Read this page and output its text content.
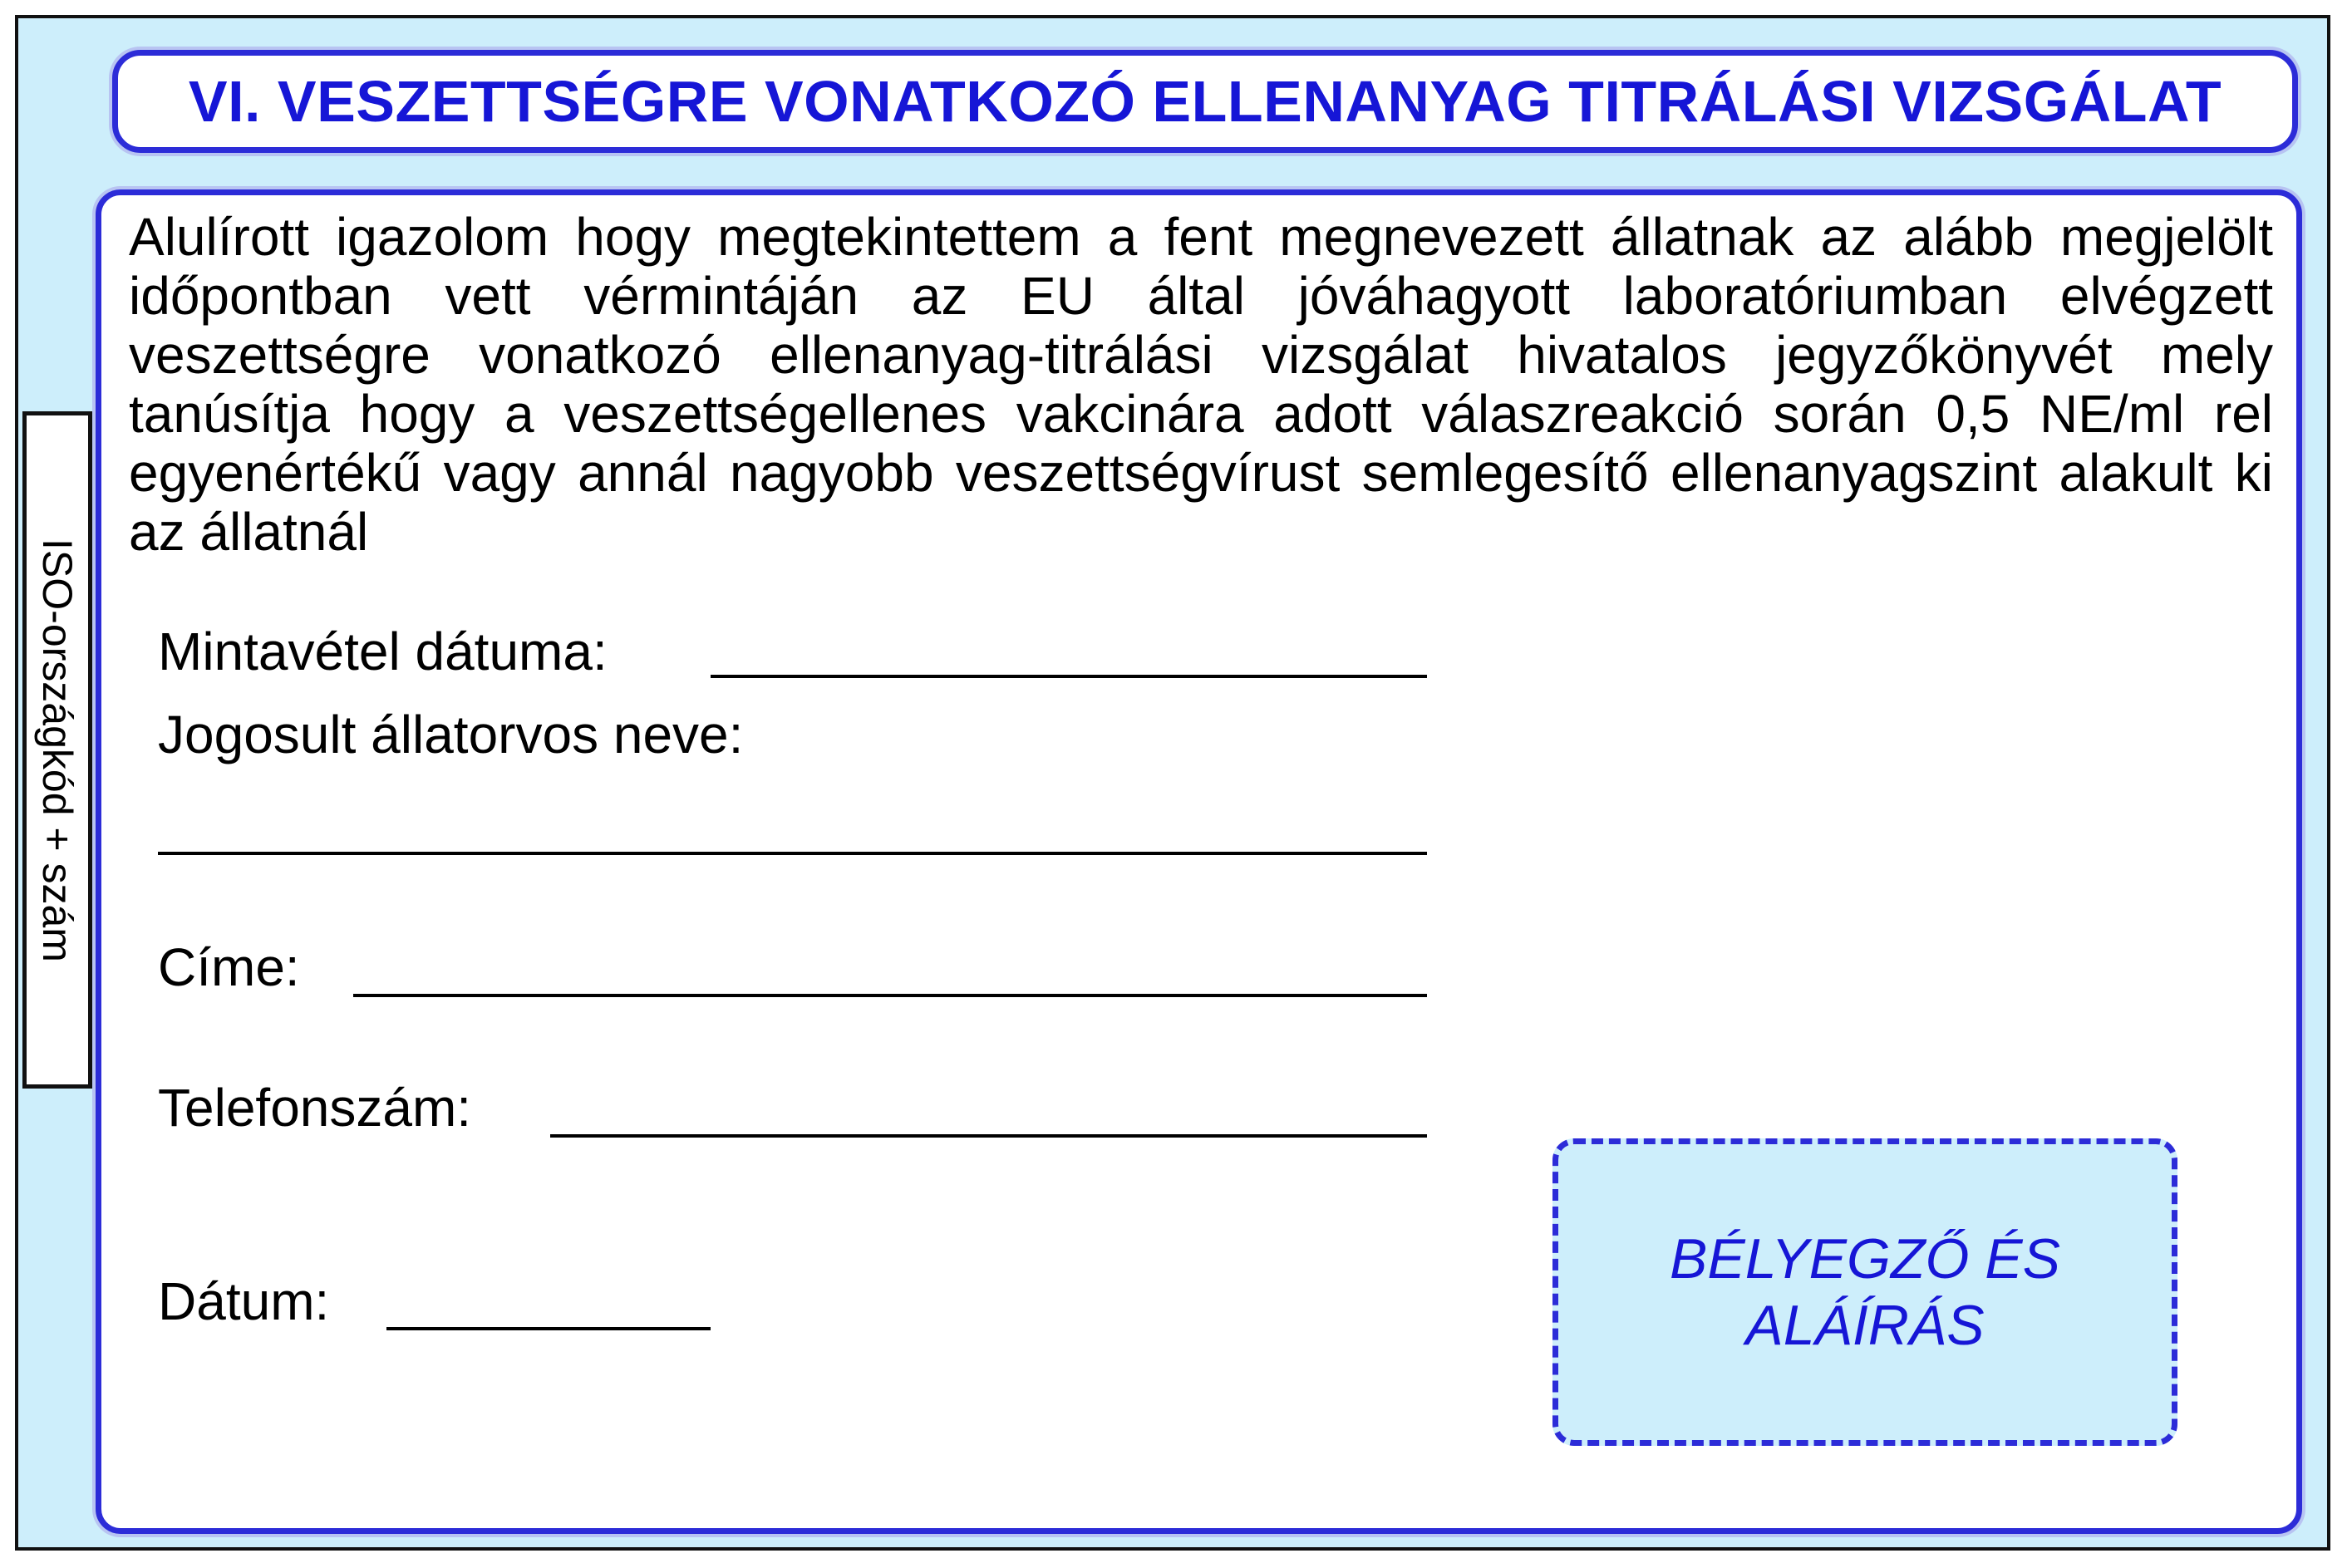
VI. VESZETTSÉGRE VONATKOZÓ ELLENANYAG TITRÁLÁSI VIZSGÁLAT
ISO-országkód + szám

Alulírott igazolom hogy megtekintettem a fent megnevezett állatnak az alább megjelölt időpontban vett vérmintáján az EU által jóváhagyott laboratóriumban elvégzett veszettségre vonatkozó ellenanyag-titrálási vizsgálat hivatalos jegyzőkönyvét mely tanúsítja hogy a veszettségellenes vakcinára adott válaszreakció során 0,5 NE/ml rel egyenértékű vagy annál nagyobb veszettségvírust semlegesítő ellenanyagszint alakult ki az állatnál

Mintavétel dátuma:
Jogosult állatorvos neve:
Címe:
Telefonszám:
Dátum:
BÉLYEGZŐ ÉS
ALÁÍRÁS
